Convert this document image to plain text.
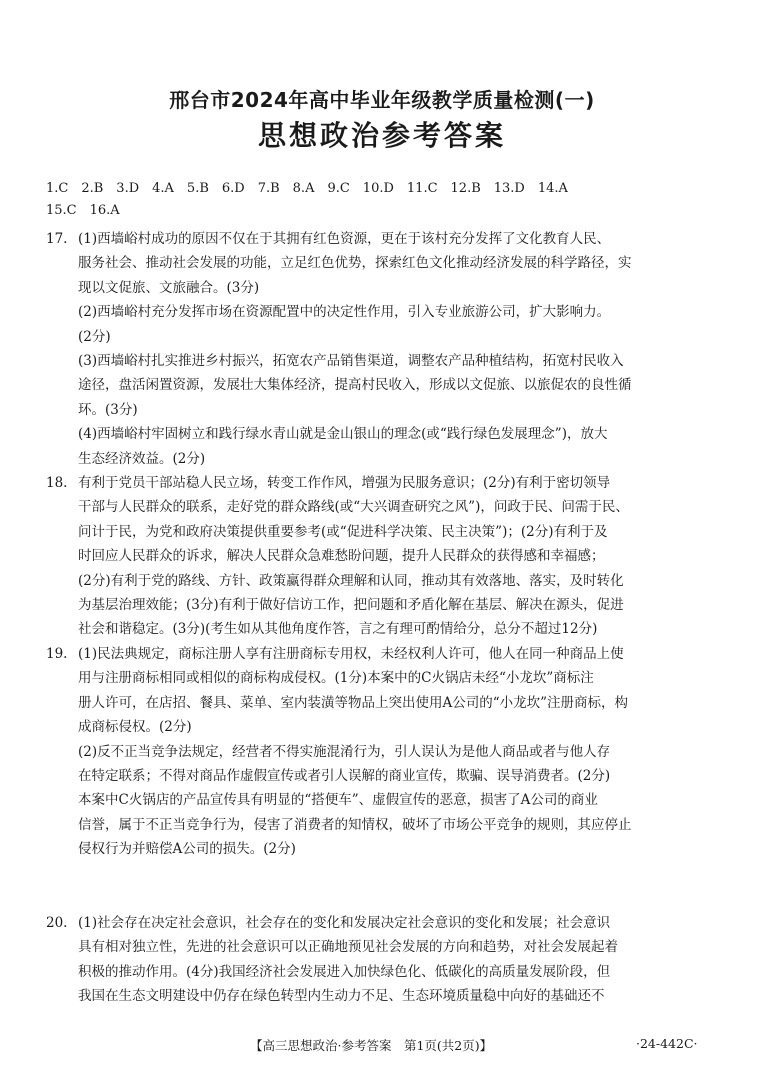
邢台市2024年高中毕业年级教学质量检测(一)
思想政治参考答案
1.C　2.B　3.D　4.A　5.B　6.D　7.B　8.A　9.C　10.D　11.C　12.B　13.D　14.A
15.C　16.A
17. (1)西墙峪村成功的原因不仅在于其拥有红色资源，更在于该村充分发挥了文化教育人民、
服务社会、推动社会发展的功能，立足红色优势，探索红色文化推动经济发展的科学路径，实
现以文促旅、文旅融合。(3分)
(2)西墙峪村充分发挥市场在资源配置中的决定性作用，引入专业旅游公司，扩大影响力。
(2分)
(3)西墙峪村扎实推进乡村振兴，拓宽农产品销售渠道，调整农产品种植结构，拓宽村民收入
途径，盘活闲置资源，发展壮大集体经济，提高村民收入，形成以文促旅、以旅促农的良性循
环。(3分)
(4)西墙峪村牢固树立和践行绿水青山就是金山银山的理念(或“践行绿色发展理念”)，放大
生态经济效益。(2分)
18. 有利于党员干部站稳人民立场，转变工作作风，增强为民服务意识；(2分)有利于密切领导
干部与人民群众的联系，走好党的群众路线(或“大兴调查研究之风”)，问政于民、问需于民、
问计于民，为党和政府决策提供重要参考(或“促进科学决策、民主决策”)；(2分)有利于及
时回应人民群众的诉求，解决人民群众急难愁盼问题，提升人民群众的获得感和幸福感；
(2分)有利于党的路线、方针、政策赢得群众理解和认同，推动其有效落地、落实，及时转化
为基层治理效能；(3分)有利于做好信访工作，把问题和矛盾化解在基层、解决在源头，促进
社会和谐稳定。(3分)(考生如从其他角度作答，言之有理可酌情给分，总分不超过12分)
19. (1)民法典规定，商标注册人享有注册商标专用权，未经权利人许可，他人在同一种商品上使
用与注册商标相同或相似的商标构成侵权。(1分)本案中的C火锅店未经“小龙坎”商标注
册人许可，在店招、餐具、菜单、室内装潢等物品上突出使用A公司的“小龙坎”注册商标，构
成商标侵权。(2分)
(2)反不正当竞争法规定，经营者不得实施混淆行为，引人误认为是他人商品或者与他人存
在特定联系；不得对商品作虚假宣传或者引人误解的商业宣传，欺骗、误导消费者。(2分)
本案中C火锅店的产品宣传具有明显的“搭便车”、虚假宣传的恶意，损害了A公司的商业
信誉，属于不正当竞争行为，侵害了消费者的知情权，破坏了市场公平竞争的规则，其应停止
侵权行为并赔偿A公司的损失。(2分)
20. (1)社会存在决定社会意识，社会存在的变化和发展决定社会意识的变化和发展；社会意识
具有相对独立性，先进的社会意识可以正确地预见社会发展的方向和趋势，对社会发展起着
积极的推动作用。(4分)我国经济社会发展进入加快绿色化、低碳化的高质量发展阶段，但
我国在生态文明建设中仍存在绿色转型内生动力不足、生态环境质量稳中向好的基础还不
【高三思想政治·参考答案　第1页(共2页)】	·24-442C·
